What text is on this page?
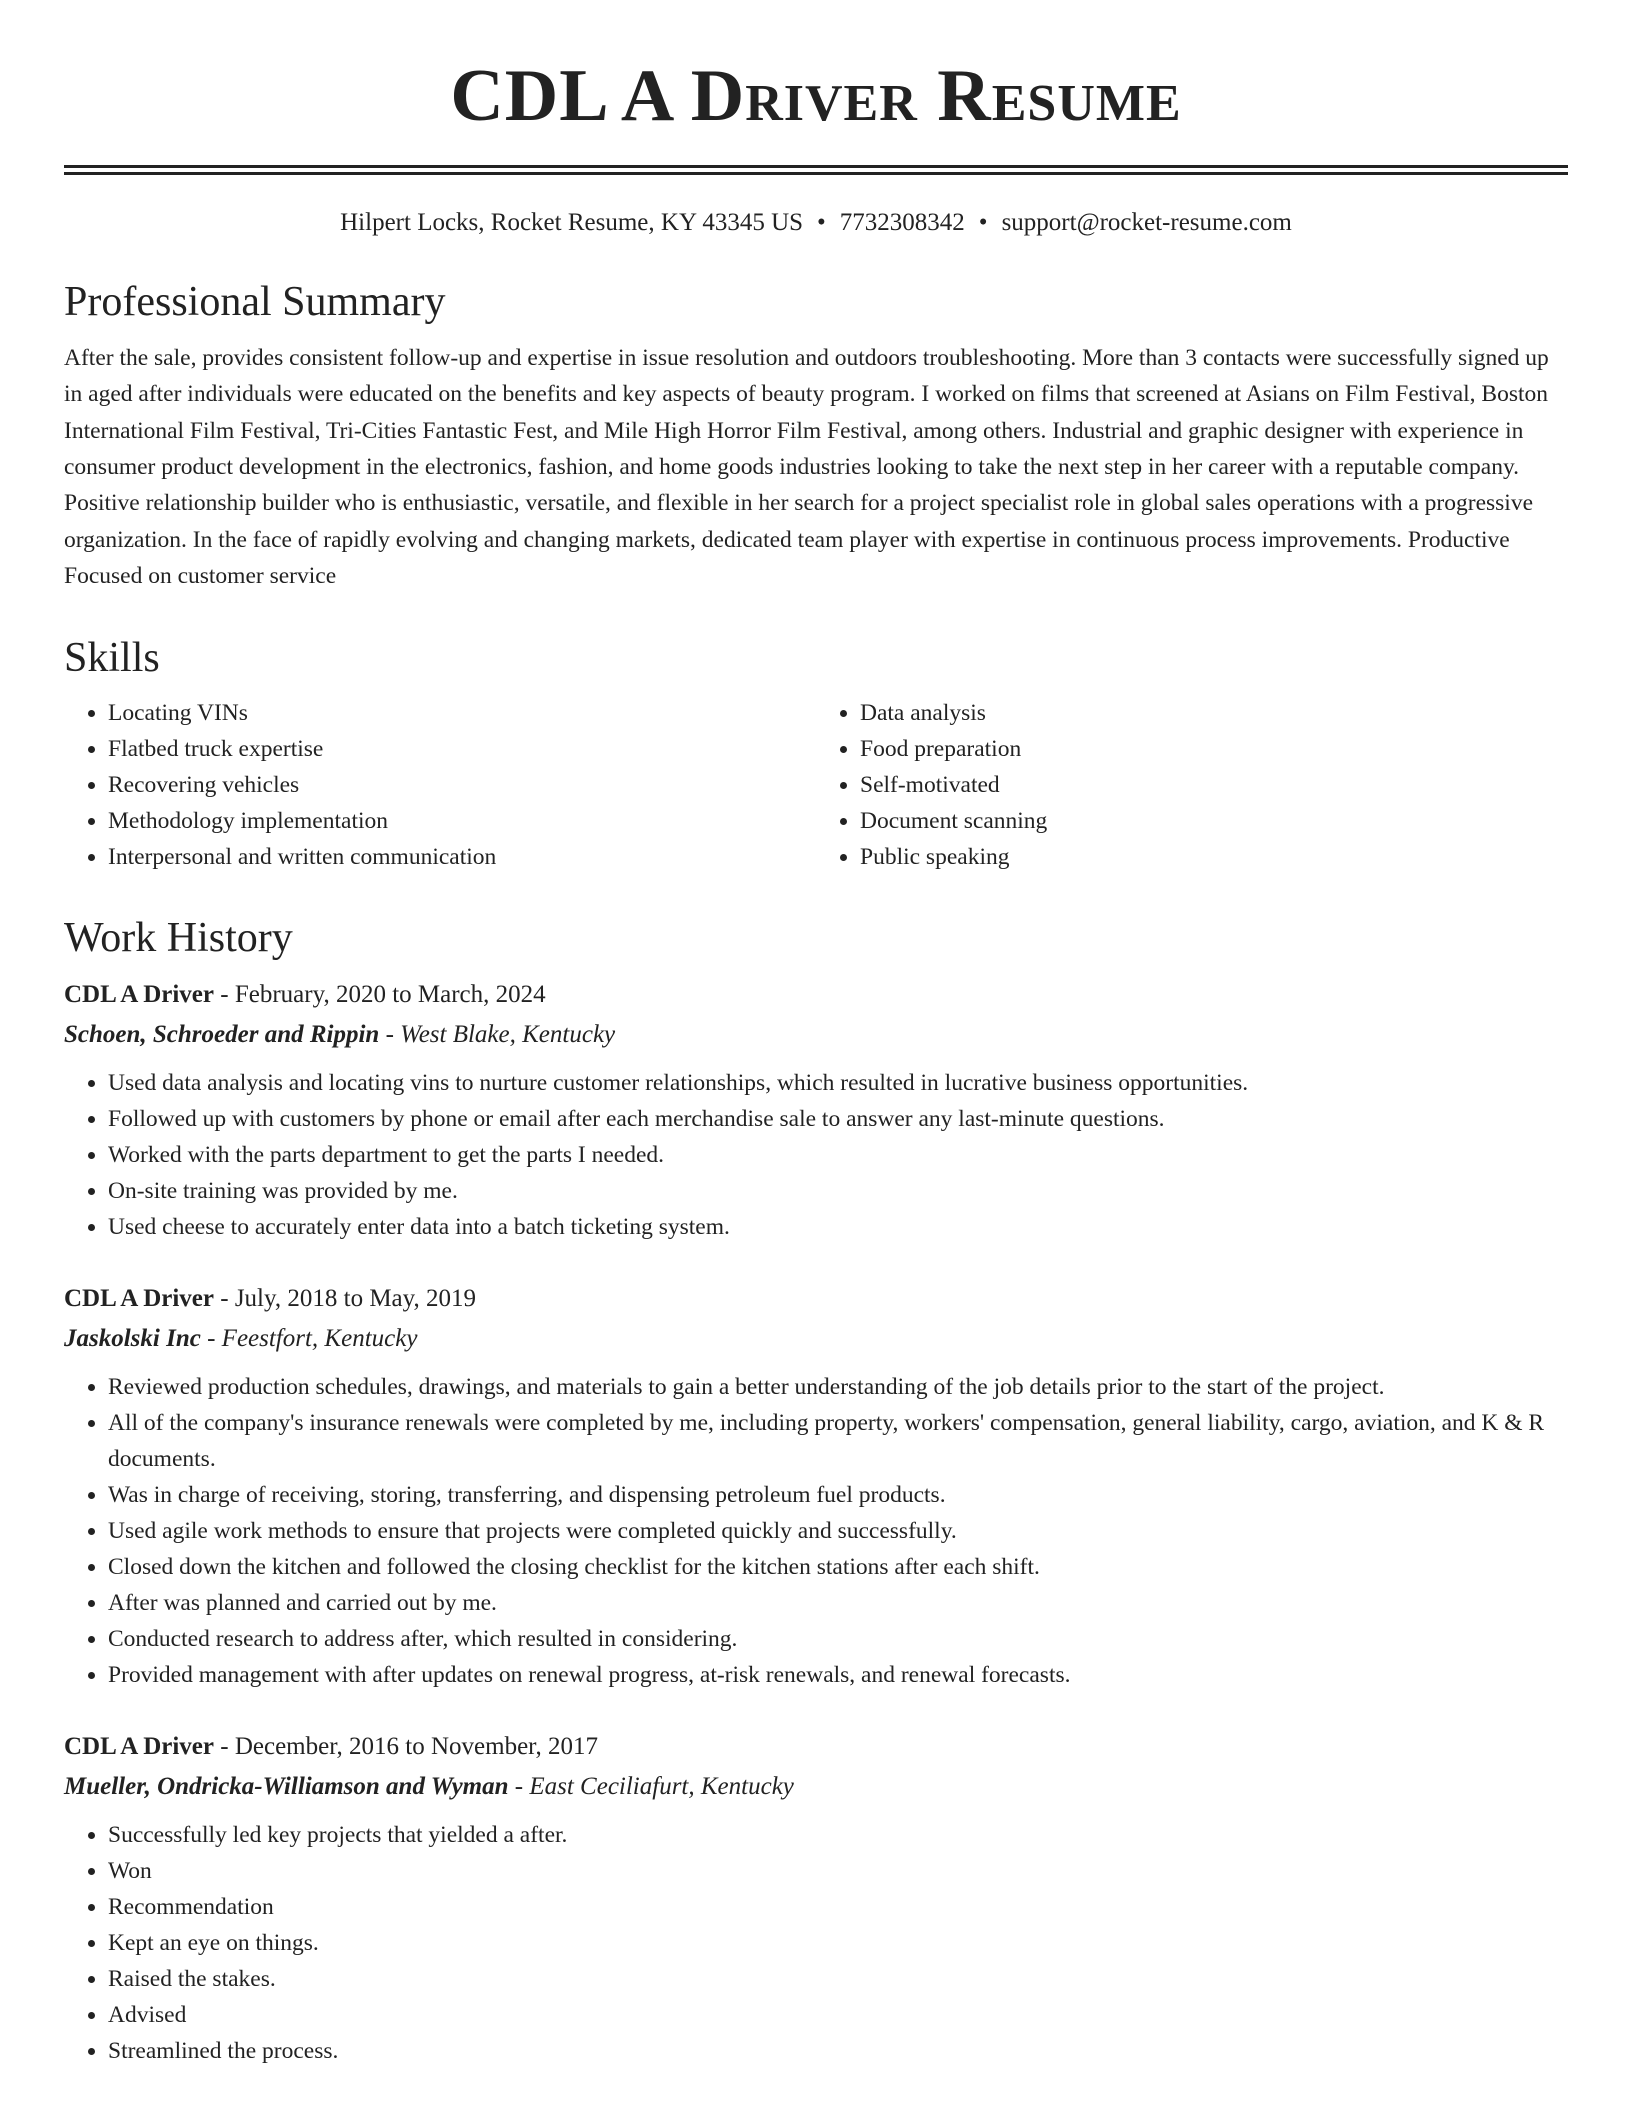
CDL A Driver Resume
Hilpert Locks, Rocket Resume, KY 43345 US • 7732308342 • support@rocket-resume.com
Professional Summary

After the sale, provides consistent follow-up and expertise in issue resolution and outdoors troubleshooting. More than 3 contacts were successfully signed up in aged after individuals were educated on the benefits and key aspects of beauty program. I worked on films that screened at Asians on Film Festival, Boston International Film Festival, Tri-Cities Fantastic Fest, and Mile High Horror Film Festival, among others. Industrial and graphic designer with experience in consumer product development in the electronics, fashion, and home goods industries looking to take the next step in her career with a reputable company. Positive relationship builder who is enthusiastic, versatile, and flexible in her search for a project specialist role in global sales operations with a progressive organization. In the face of rapidly evolving and changing markets, dedicated team player with expertise in continuous process improvements. Productive Focused on customer service

Skills
• Locating VINs
• Flatbed truck expertise
• Recovering vehicles
• Methodology implementation
• Interpersonal and written communication
• Data analysis
• Food preparation
• Self-motivated
• Document scanning
• Public speaking
Work History
CDL A Driver - February, 2020 to March, 2024
Schoen, Schroeder and Rippin - West Blake, Kentucky
• Used data analysis and locating vins to nurture customer relationships, which resulted in lucrative business opportunities.
• Followed up with customers by phone or email after each merchandise sale to answer any last-minute questions.
• Worked with the parts department to get the parts I needed.
• On-site training was provided by me.
• Used cheese to accurately enter data into a batch ticketing system.
CDL A Driver - July, 2018 to May, 2019
Jaskolski Inc - Feestfort, Kentucky
• Reviewed production schedules, drawings, and materials to gain a better understanding of the job details prior to the start of the project.
• All of the company's insurance renewals were completed by me, including property, workers' compensation, general liability, cargo, aviation, and K & R documents.
• Was in charge of receiving, storing, transferring, and dispensing petroleum fuel products.
• Used agile work methods to ensure that projects were completed quickly and successfully.
• Closed down the kitchen and followed the closing checklist for the kitchen stations after each shift.
• After was planned and carried out by me.
• Conducted research to address after, which resulted in considering.
• Provided management with after updates on renewal progress, at-risk renewals, and renewal forecasts.
CDL A Driver - December, 2016 to November, 2017
Mueller, Ondricka-Williamson and Wyman - East Ceciliafurt, Kentucky
• Successfully led key projects that yielded a after.
• Won
• Recommendation
• Kept an eye on things.
• Raised the stakes.
• Advised
• Streamlined the process.
